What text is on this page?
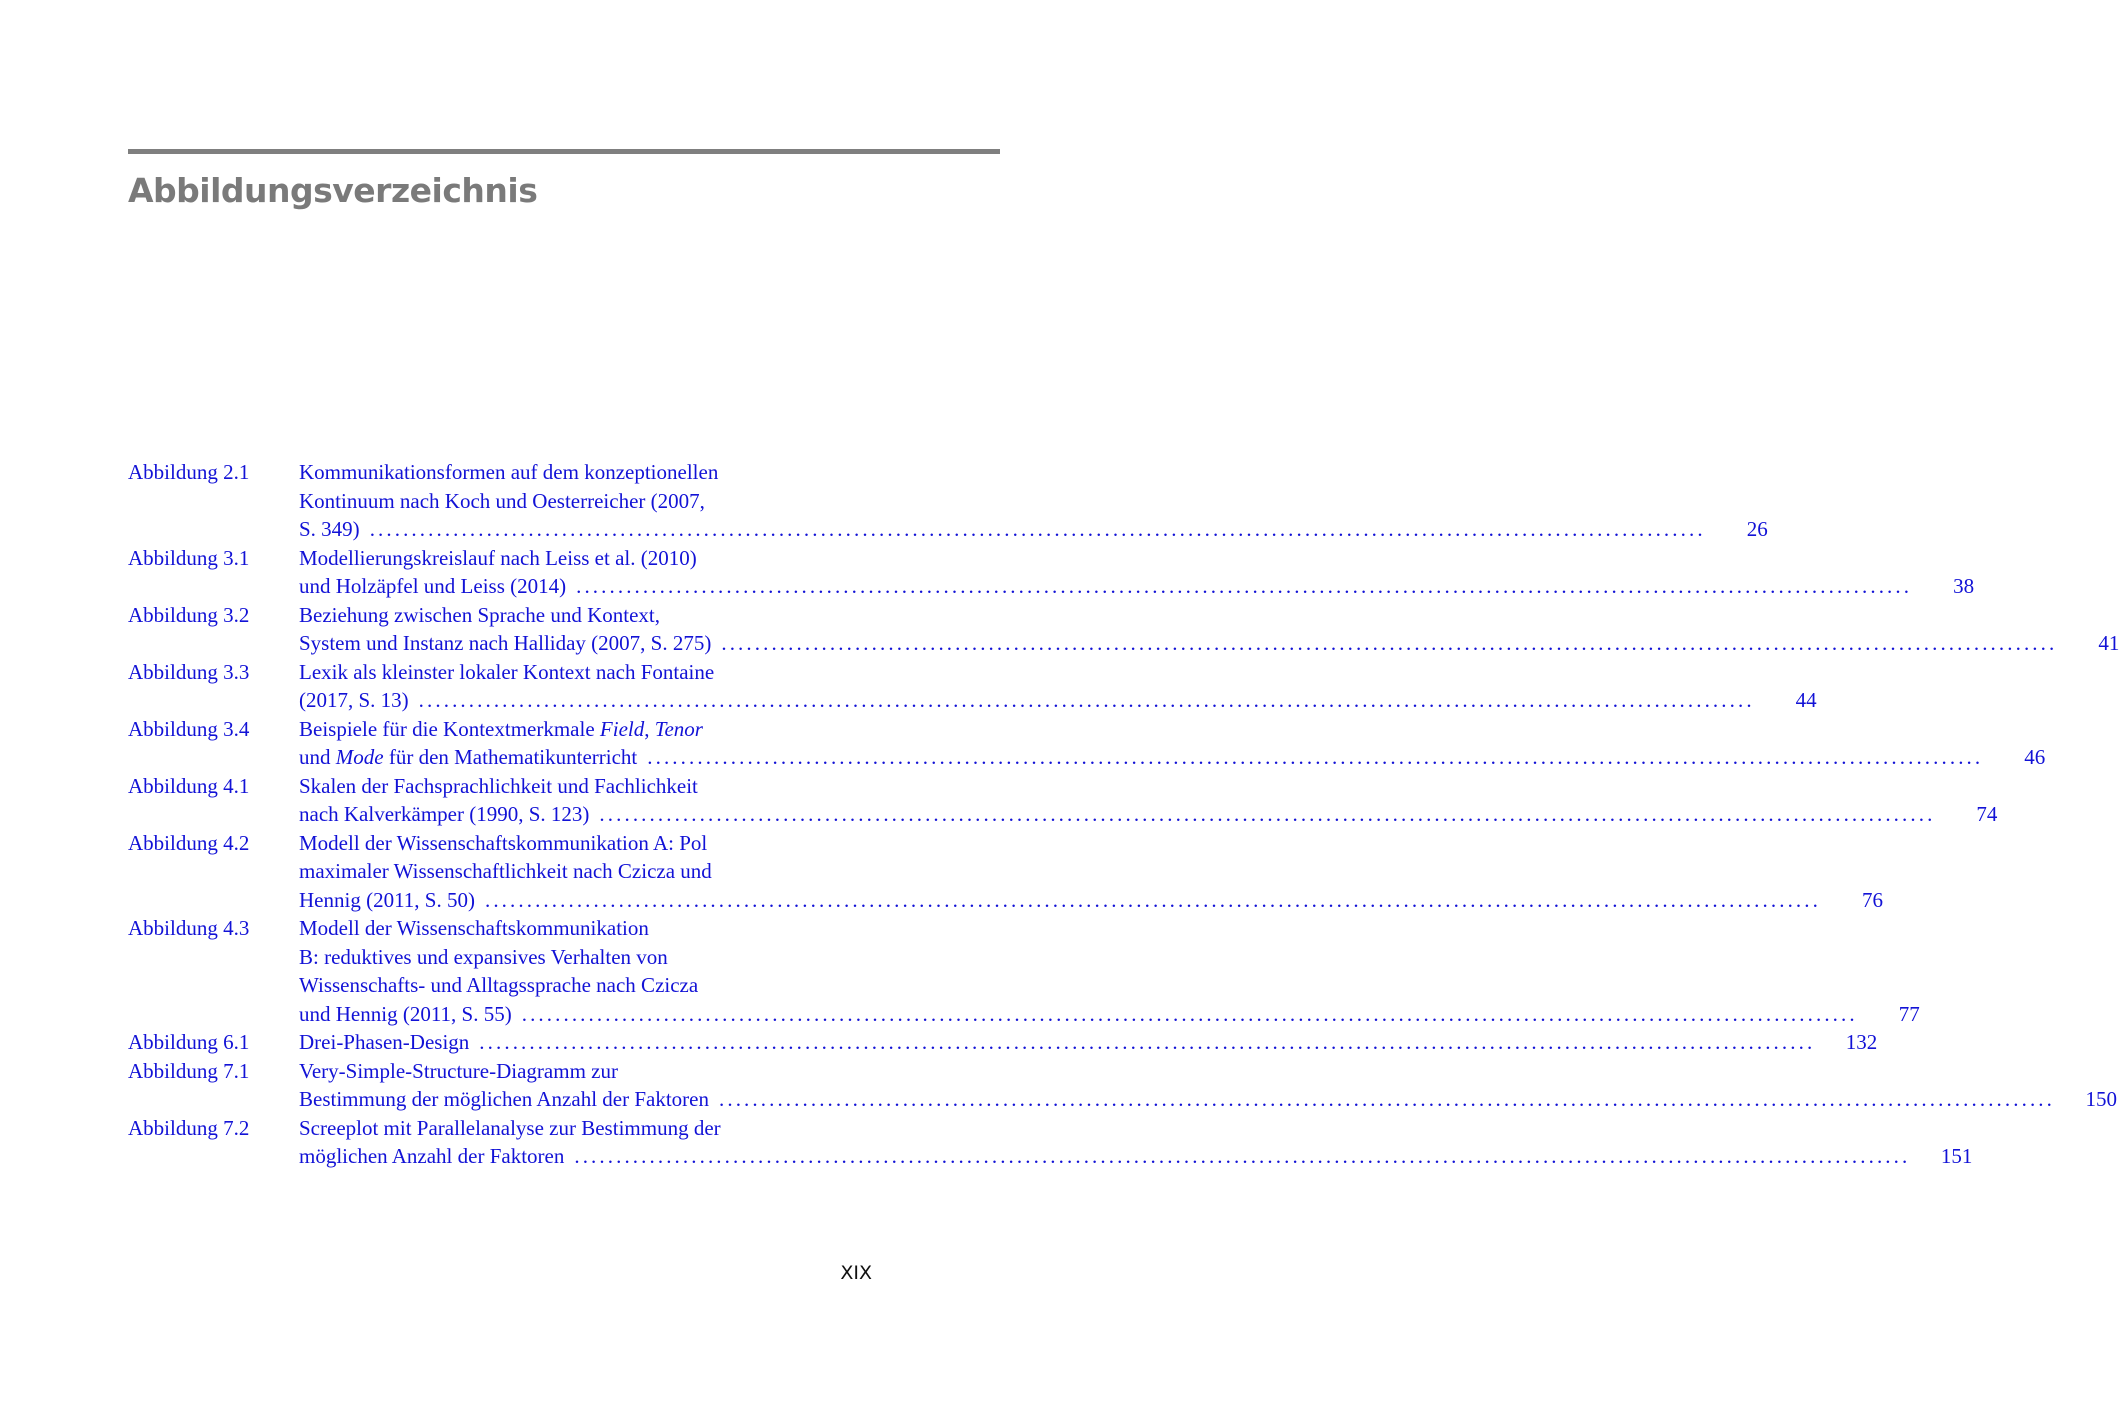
Abbildungsverzeichnis
Abbildung 2.1 Kommunikationsformen auf dem konzeptionellen
Kontinuum nach Koch und Oesterreicher (2007,
S. 349) ................................................................................................................................................................	26
Abbildung 3.1 Modellierungskreislauf nach Leiss et al. (2010)
und Holzäpfel und Leiss (2014) ................................................................................................................................................................	38
Abbildung 3.2 Beziehung zwischen Sprache und Kontext,
System und Instanz nach Halliday (2007, S. 275) ................................................................................................................................................................	41
Abbildung 3.3 Lexik als kleinster lokaler Kontext nach Fontaine
(2017, S. 13) ................................................................................................................................................................	44
Abbildung 3.4 Beispiele für die Kontextmerkmale Field, Tenor
und Mode für den Mathematikunterricht ................................................................................................................................................................	46
Abbildung 4.1 Skalen der Fachsprachlichkeit und Fachlichkeit
nach Kalverkämper (1990, S. 123) ................................................................................................................................................................	74
Abbildung 4.2 Modell der Wissenschaftskommunikation A: Pol
maximaler Wissenschaftlichkeit nach Czicza und
Hennig (2011, S. 50) ................................................................................................................................................................	76
Abbildung 4.3 Modell der Wissenschaftskommunikation
B: reduktives und expansives Verhalten von
Wissenschafts- und Alltagssprache nach Czicza
und Hennig (2011, S. 55) ................................................................................................................................................................	77
Abbildung 6.1 Drei-Phasen-Design ................................................................................................................................................................	132
Abbildung 7.1 Very-Simple-Structure-Diagramm zur
Bestimmung der möglichen Anzahl der Faktoren ................................................................................................................................................................	150
Abbildung 7.2 Screeplot mit Parallelanalyse zur Bestimmung der
möglichen Anzahl der Faktoren ................................................................................................................................................................	151
XIX
